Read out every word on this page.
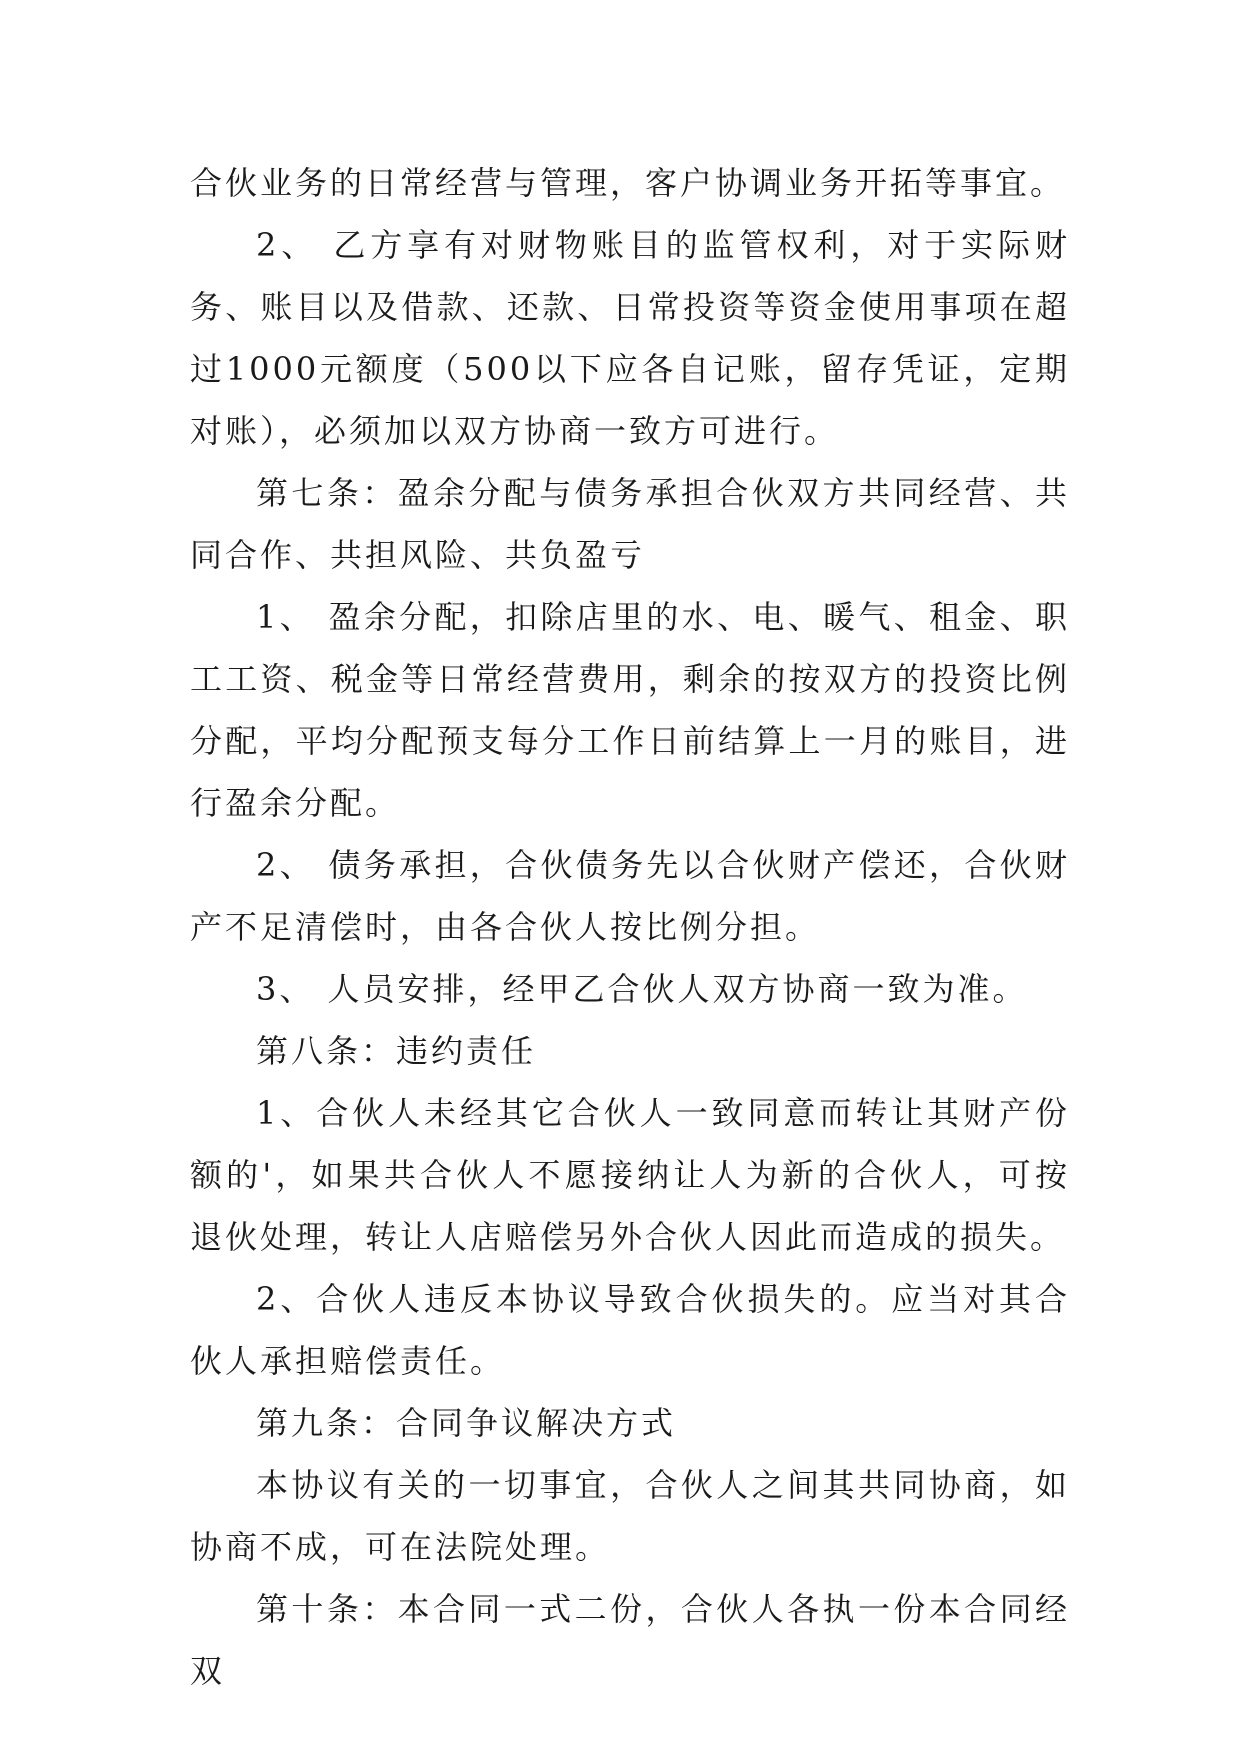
合伙业务的日常经营与管理，客户协调业务开拓等事宜。

2、 乙方享有对财物账目的监管权利，对于实际财务、账目以及借款、还款、日常投资等资金使用事项在超过1000元额度（500以下应各自记账，留存凭证，定期对账），必须加以双方协商一致方可进行。

第七条：盈余分配与债务承担合伙双方共同经营、共同合作、共担风险、共负盈亏

1、 盈余分配，扣除店里的水、电、暖气、租金、职工工资、税金等日常经营费用，剩余的按双方的投资比例分配，平均分配预支每分工作日前结算上一月的账目，进行盈余分配。

2、 债务承担，合伙债务先以合伙财产偿还，合伙财产不足清偿时，由各合伙人按比例分担。

3、 人员安排，经甲乙合伙人双方协商一致为准。

第八条：违约责任

1、合伙人未经其它合伙人一致同意而转让其财产份额的'，如果共合伙人不愿接纳让人为新的合伙人，可按退伙处理，转让人店赔偿另外合伙人因此而造成的损失。

2、合伙人违反本协议导致合伙损失的。应当对其合伙人承担赔偿责任。

第九条：合同争议解决方式

本协议有关的一切事宜，合伙人之间其共同协商，如协商不成，可在法院处理。

第十条：本合同一式二份，合伙人各执一份本合同经双
